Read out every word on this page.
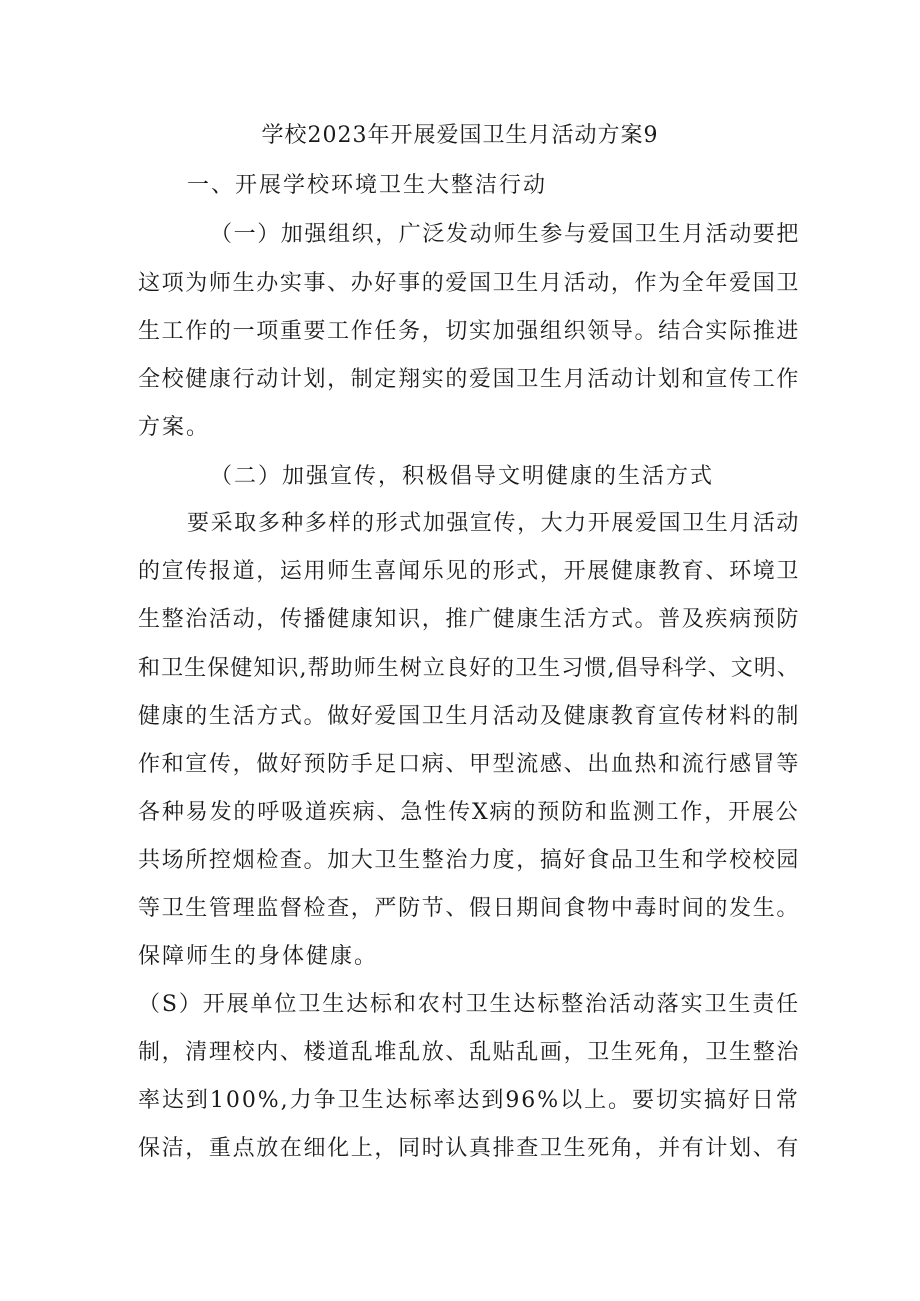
学校2023年开展爱国卫生月活动方案9
一、开展学校环境卫生大整洁行动
（一）加强组织，广泛发动师生参与爱国卫生月活动要把
这项为师生办实事、办好事的爱国卫生月活动，作为全年爱国卫
生工作的一项重要工作任务，切实加强组织领导。结合实际推进
全校健康行动计划，制定翔实的爱国卫生月活动计划和宣传工作
方案。
（二）加强宣传，积极倡导文明健康的生活方式
要采取多种多样的形式加强宣传，大力开展爱国卫生月活动
的宣传报道，运用师生喜闻乐见的形式，开展健康教育、环境卫
生整治活动，传播健康知识，推广健康生活方式。普及疾病预防
和卫生保健知识,帮助师生树立良好的卫生习惯,倡导科学、文明、
健康的生活方式。做好爱国卫生月活动及健康教育宣传材料的制
作和宣传，做好预防手足口病、甲型流感、出血热和流行感冒等
各种易发的呼吸道疾病、急性传X病的预防和监测工作，开展公
共场所控烟检查。加大卫生整治力度，搞好食品卫生和学校校园
等卫生管理监督检查，严防节、假日期间食物中毒时间的发生。
保障师生的身体健康。
（S）开展单位卫生达标和农村卫生达标整治活动落实卫生责任
制，清理校内、楼道乱堆乱放、乱贴乱画，卫生死角，卫生整治
率达到100%,力争卫生达标率达到96%以上。要切实搞好日常
保洁，重点放在细化上，同时认真排查卫生死角，并有计划、有
